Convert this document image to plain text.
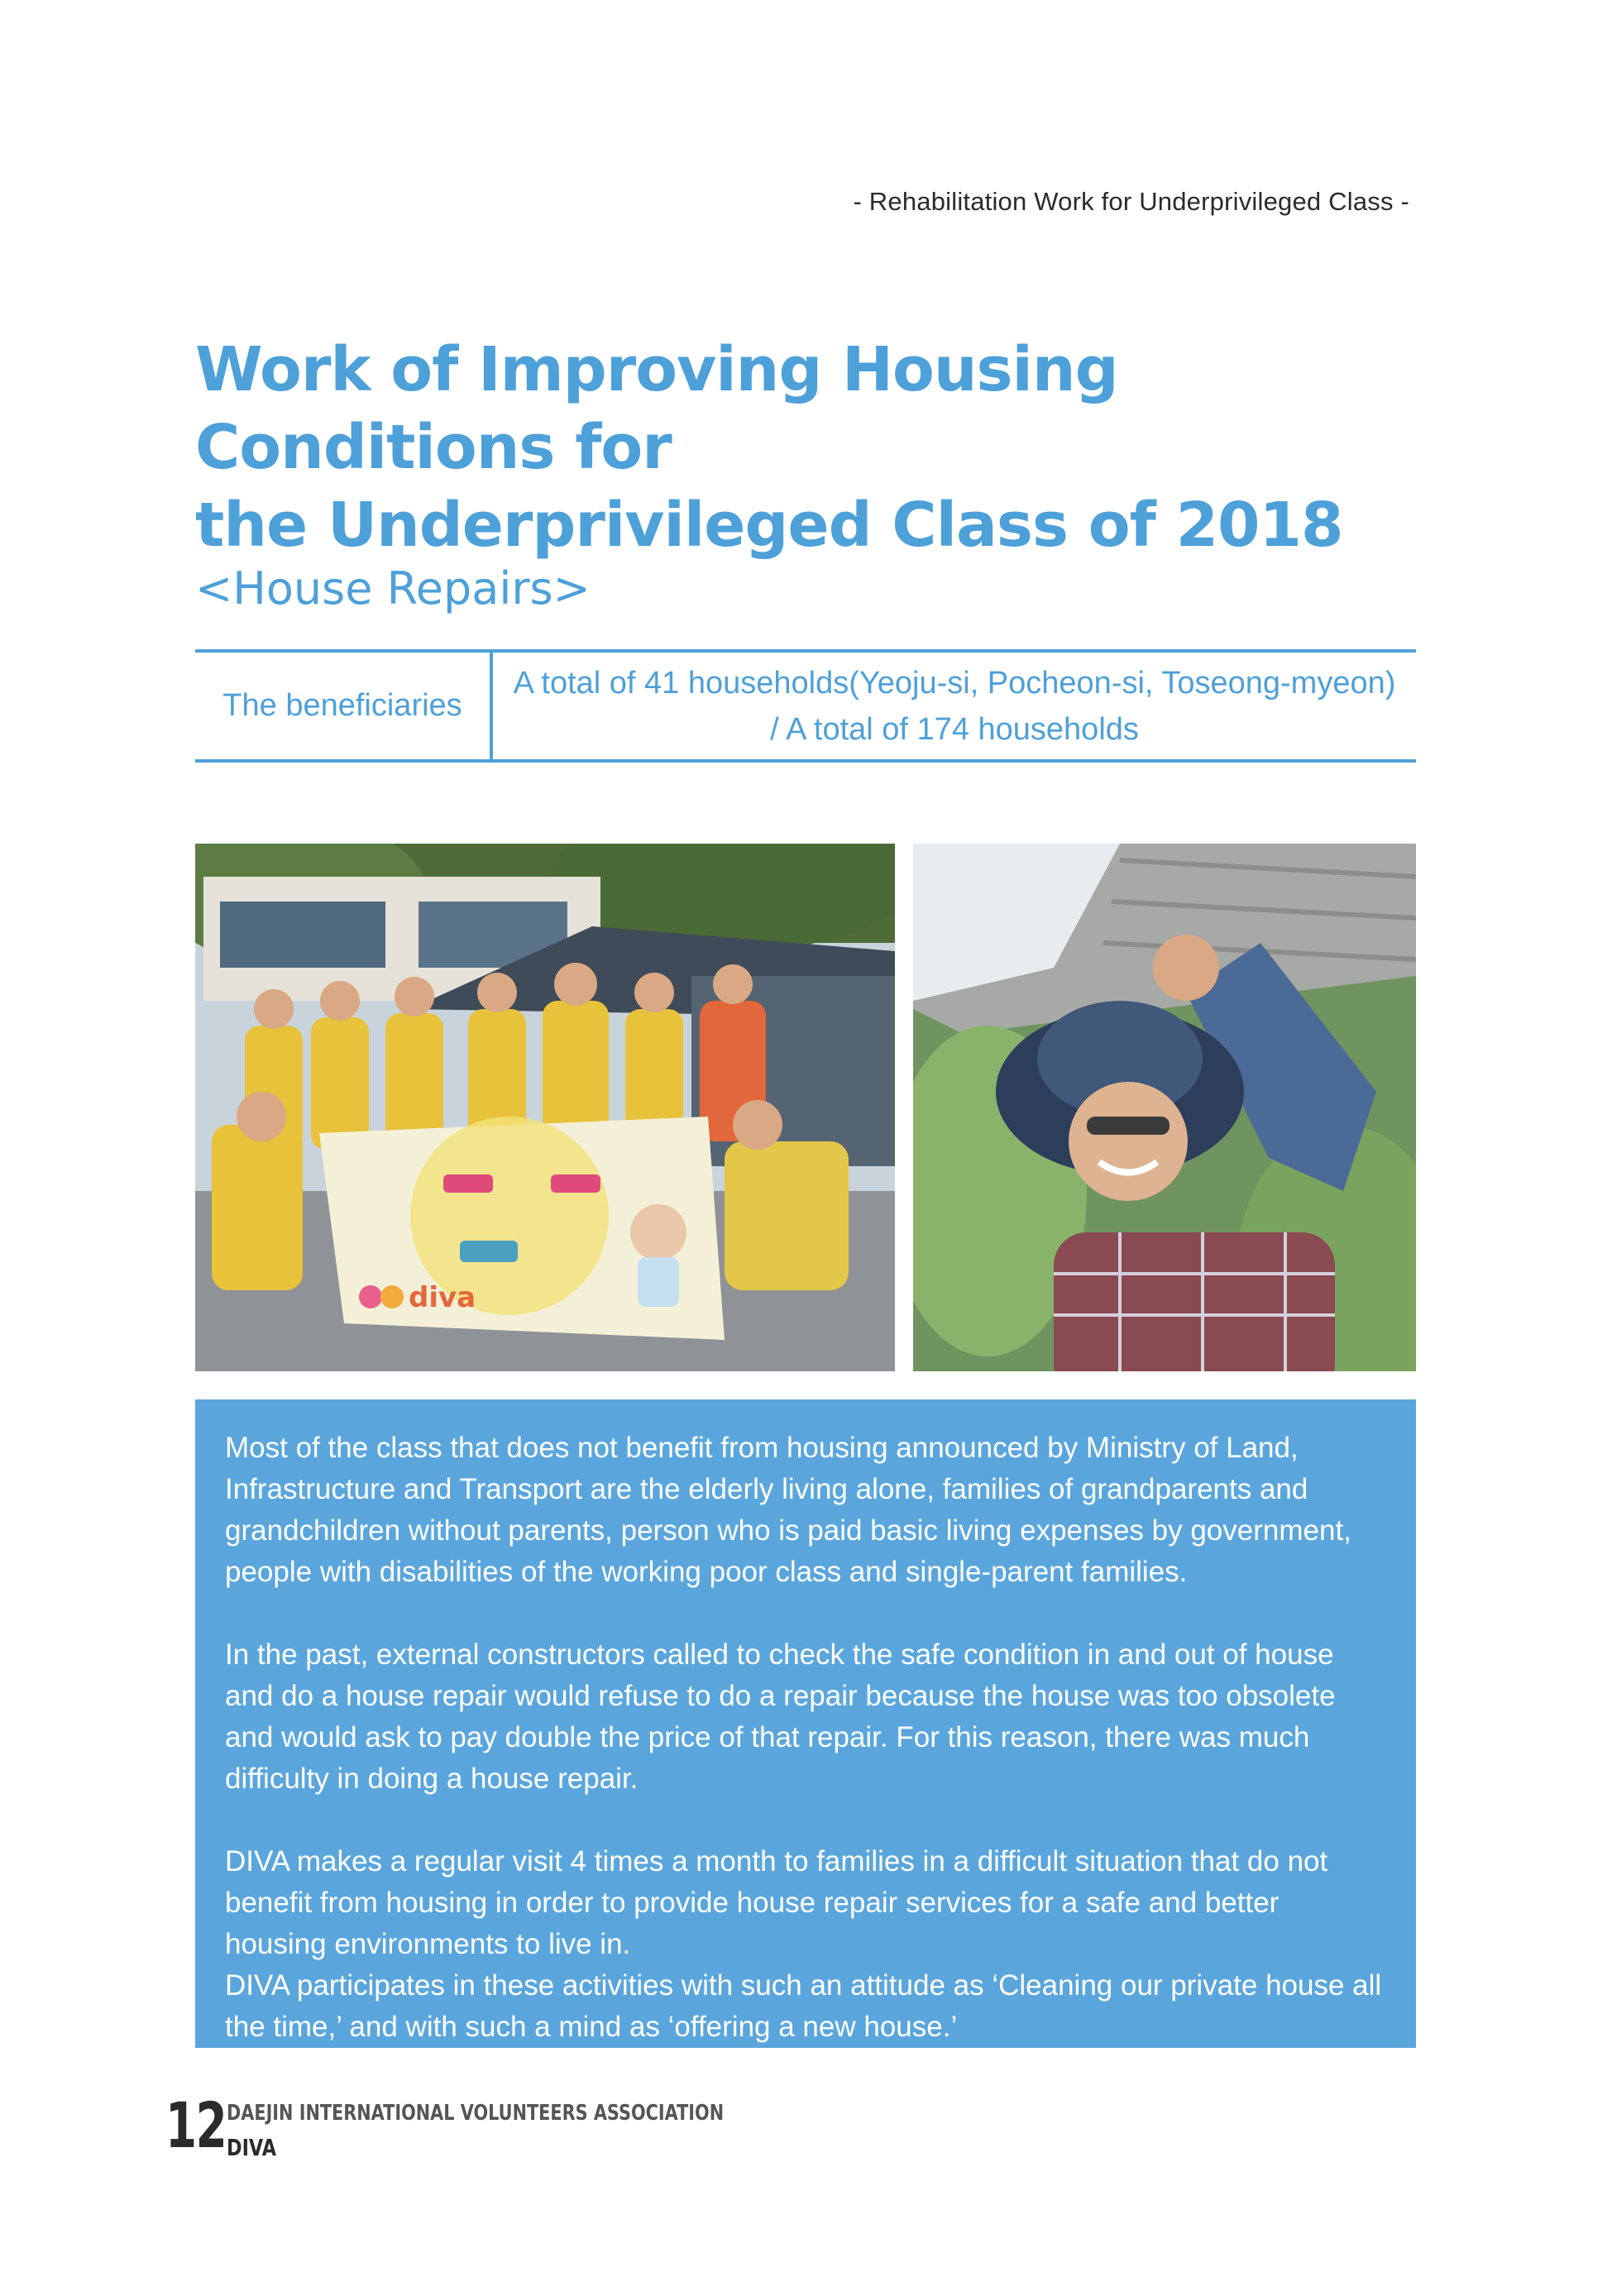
- Rehabilitation Work for Underprivileged Class -
Work of Improving Housing Conditions for
the Underprivileged Class of 2018
<House Repairs>
The beneficiaries
A total of 41 households(Yeoju-si, Pocheon-si, Toseong-myeon)
/ A total of 174 households
diva

Most of the class that does not benefit from housing announced by Ministry of Land, Infrastructure and Transport are the elderly living alone, families of grandparents and grandchildren without parents, person who is paid basic living expenses by government, people with disabilities of the working poor class and single-parent families.

In the past, external constructors called to check the safe condition in and out of house and do a house repair would refuse to do a repair because the house was too obsolete and would ask to pay double the price of that repair. For this reason, there was much difficulty in doing a house repair.

DIVA makes a regular visit 4 times a month to families in a difficult situation that do not benefit from housing in order to provide house repair services for a safe and better housing environments to live in.

DIVA participates in these activities with such an attitude as ‘Cleaning our private house all the time,’ and with such a mind as ‘offering a new house.’

12 DAEJIN INTERNATIONAL VOLUNTEERS ASSOCIATION
DIVA
